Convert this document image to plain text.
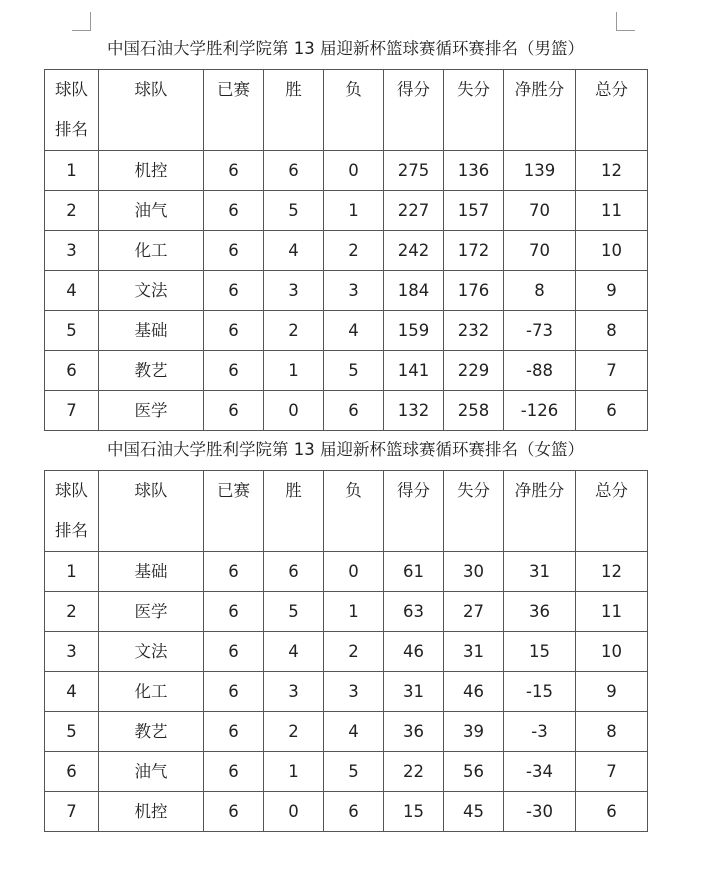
中国石油大学胜利学院第 13 届迎新杯篮球赛循环赛排名（男篮）
球队
排名	球队	已赛	胜	负	得分	失分	净胜分	总分
1	机控	6	6	0	275	136	139	12
2	油气	6	5	1	227	157	70	11
3	化工	6	4	2	242	172	70	10
4	文法	6	3	3	184	176	8	9
5	基础	6	2	4	159	232	-73	8
6	教艺	6	1	5	141	229	-88	7
7	医学	6	0	6	132	258	-126	6
中国石油大学胜利学院第 13 届迎新杯篮球赛循环赛排名（女篮）
球队
排名	球队	已赛	胜	负	得分	失分	净胜分	总分
1	基础	6	6	0	61	30	31	12
2	医学	6	5	1	63	27	36	11
3	文法	6	4	2	46	31	15	10
4	化工	6	3	3	31	46	-15	9
5	教艺	6	2	4	36	39	-3	8
6	油气	6	1	5	22	56	-34	7
7	机控	6	0	6	15	45	-30	6
